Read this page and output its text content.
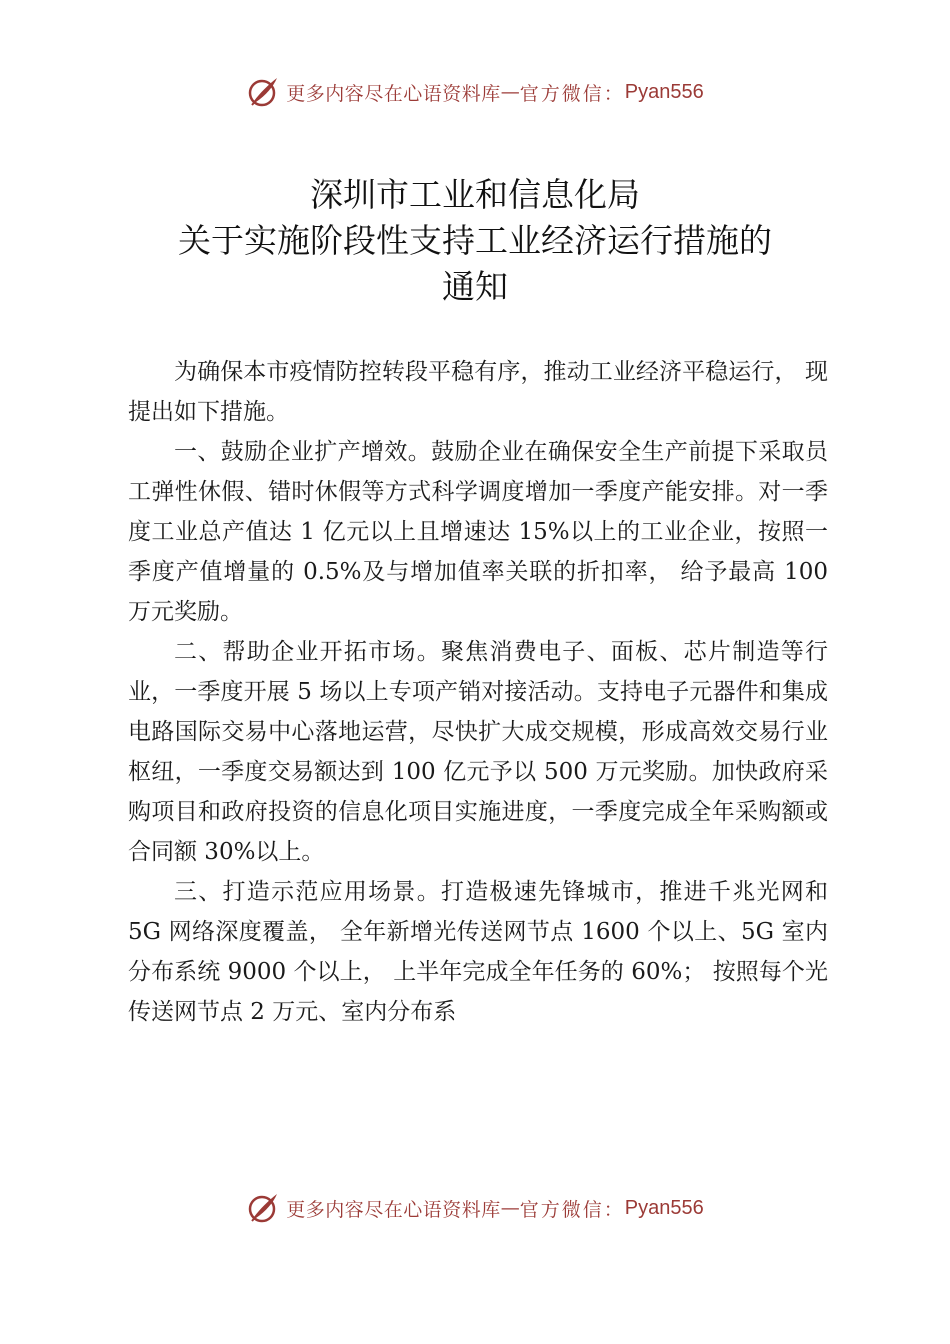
更多内容尽在心语资料库 — 官方微信： Pyan556
深圳市工业和信息化局
关于实施阶段性支持工业经济运行措施的
通知

为确保本市疫情防控转段平稳有序，推动工业经济平稳运行， 现提出如下措施。

一、鼓励企业扩产增效。鼓励企业在确保安全生产前提下采取员工弹性休假、错时休假等方式科学调度增加一季度产能安排。对一季度工业总产值达 1 亿元以上且增速达 15%以上的工业企业，按照一季度产值增量的 0.5%及与增加值率关联的折扣率， 给予最高 100 万元奖励。

二、帮助企业开拓市场。聚焦消费电子、面板、芯片制造等行业，一季度开展 5 场以上专项产销对接活动。支持电子元器件和集成电路国际交易中心落地运营，尽快扩大成交规模，形成高效交易行业枢纽，一季度交易额达到 100 亿元予以 500 万元奖励。加快政府采购项目和政府投资的信息化项目实施进度，一季度完成全年采购额或合同额 30%以上。

三、打造示范应用场景。打造极速先锋城市，推进千兆光网和 5G 网络深度覆盖， 全年新增光传送网节点 1600 个以上、5G 室内分布系统 9000 个以上， 上半年完成全年任务的 60%； 按照每个光传送网节点 2 万元、室内分布系

更多内容尽在心语资料库 — 官方微信： Pyan556
